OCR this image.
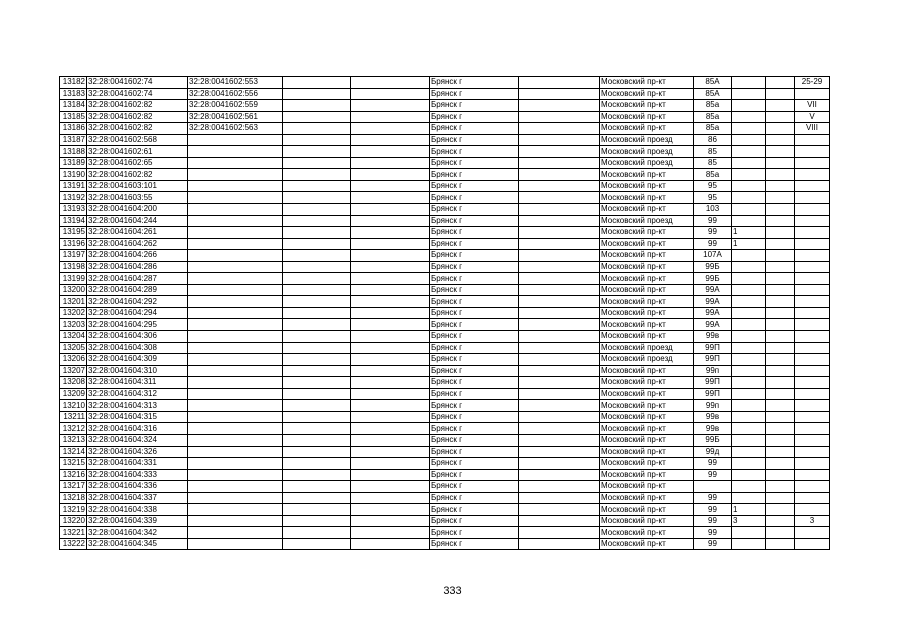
13182	32:28:0041602:74	32:28:0041602:553			Брянск г		Московский пр-кт	85А			25-29
13183	32:28:0041602:74	32:28:0041602:556			Брянск г		Московский пр-кт	85А			
13184	32:28:0041602:82	32:28:0041602:559			Брянск г		Московский пр-кт	85а			VII
13185	32:28:0041602:82	32:28:0041602:561			Брянск г		Московский пр-кт	85а			V
13186	32:28:0041602:82	32:28:0041602:563			Брянск г		Московский пр-кт	85а			VIII
13187	32:28:0041602:568				Брянск г		Московский проезд	86			
13188	32:28:0041602:61				Брянск г		Московский проезд	85			
13189	32:28:0041602:65				Брянск г		Московский проезд	85			
13190	32:28:0041602:82				Брянск г		Московский пр-кт	85а			
13191	32:28:0041603:101				Брянск г		Московский пр-кт	95			
13192	32:28:0041603:55				Брянск г		Московский пр-кт	95			
13193	32:28:0041604:200				Брянск г		Московский пр-кт	103			
13194	32:28:0041604:244				Брянск г		Московский проезд	99			
13195	32:28:0041604:261				Брянск г		Московский пр-кт	99	1		
13196	32:28:0041604:262				Брянск г		Московский пр-кт	99	1		
13197	32:28:0041604:266				Брянск г		Московский пр-кт	107А			
13198	32:28:0041604:286				Брянск г		Московский пр-кт	99Б			
13199	32:28:0041604:287				Брянск г		Московский пр-кт	99Б			
13200	32:28:0041604:289				Брянск г		Московский пр-кт	99А			
13201	32:28:0041604:292				Брянск г		Московский пр-кт	99А			
13202	32:28:0041604:294				Брянск г		Московский пр-кт	99А			
13203	32:28:0041604:295				Брянск г		Московский пр-кт	99А			
13204	32:28:0041604:306				Брянск г		Московский пр-кт	99в			
13205	32:28:0041604:308				Брянск г		Московский проезд	99П			
13206	32:28:0041604:309				Брянск г		Московский проезд	99П			
13207	32:28:0041604:310				Брянск г		Московский пр-кт	99п			
13208	32:28:0041604:311				Брянск г		Московский пр-кт	99П			
13209	32:28:0041604:312				Брянск г		Московский пр-кт	99П			
13210	32:28:0041604:313				Брянск г		Московский пр-кт	99п			
13211	32:28:0041604:315				Брянск г		Московский пр-кт	99в			
13212	32:28:0041604:316				Брянск г		Московский пр-кт	99в			
13213	32:28:0041604:324				Брянск г		Московский пр-кт	99Б			
13214	32:28:0041604:326				Брянск г		Московский пр-кт	99д			
13215	32:28:0041604:331				Брянск г		Московский пр-кт	99			
13216	32:28:0041604:333				Брянск г		Московский пр-кт	99			
13217	32:28:0041604:336				Брянск г		Московский пр-кт				
13218	32:28:0041604:337				Брянск г		Московский пр-кт	99			
13219	32:28:0041604:338				Брянск г		Московский пр-кт	99	1		
13220	32:28:0041604:339				Брянск г		Московский пр-кт	99	3		3
13221	32:28:0041604:342				Брянск г		Московский пр-кт	99			
13222	32:28:0041604:345				Брянск г		Московский пр-кт	99			
333
